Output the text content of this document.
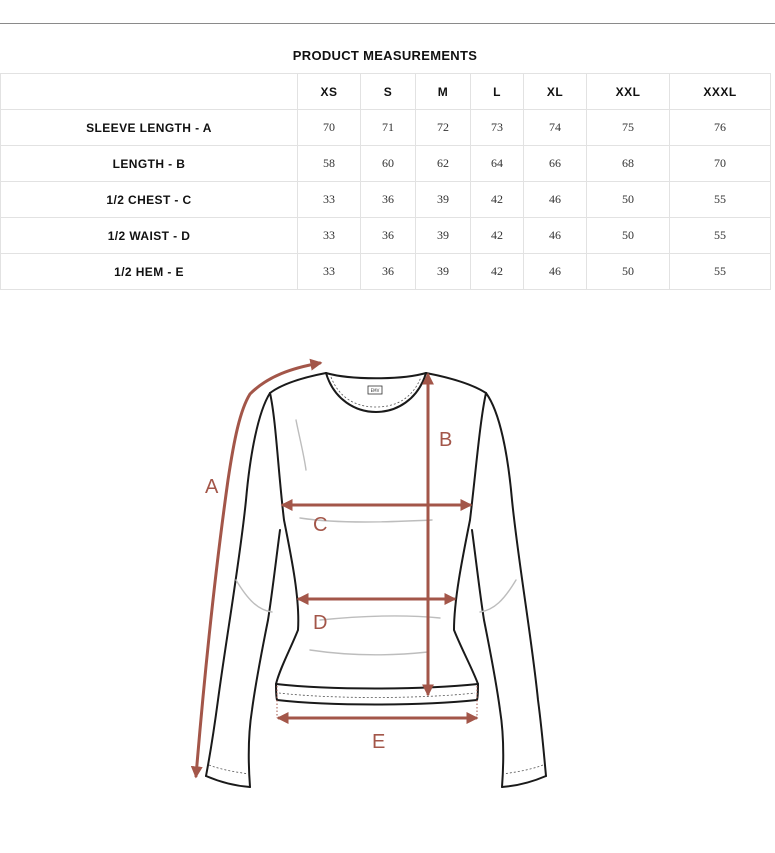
PRODUCT MEASUREMENTS
	XS	S	M	L	XL	XXL	XXXL
SLEEVE LENGTH - A	70	71	72	73	74	75	76
LENGTH - B	58	60	62	64	66	68	70
1/2 CHEST - C	33	36	39	42	46	50	55
1/2 WAIST - D	33	36	39	42	46	50	55
1/2 HEM - E	33	36	39	42	46	50	55
EMV
A
B
C
D
E
